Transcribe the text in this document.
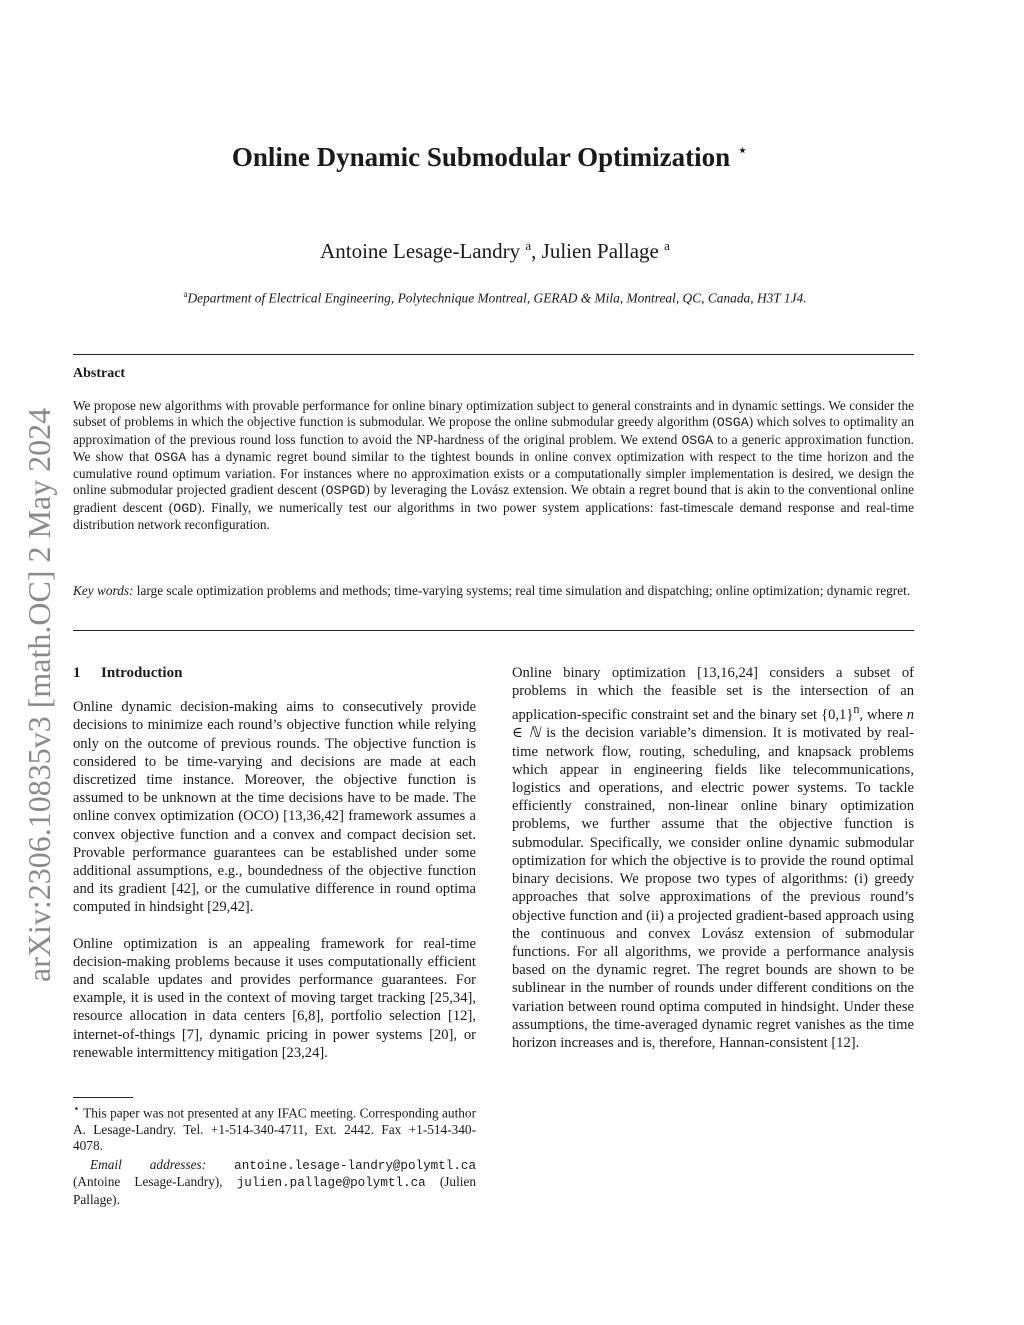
arXiv:2306.10835v3 [math.OC] 2 May 2024
Online Dynamic Submodular Optimization ⋆
Antoine Lesage-Landry $^a$, Julien Pallage $^a$
$^a$Department of Electrical Engineering, Polytechnique Montreal, GERAD & Mila, Montreal, QC, Canada, H3T 1J4.
Abstract
We propose new algorithms with provable performance for online binary optimization subject to general constraints and in dynamic settings. We consider the subset of problems in which the objective function is submodular. We propose the online submodular greedy algorithm (OSGA) which solves to optimality an approximation of the previous round loss function to avoid the NP-hardness of the original problem. We extend OSGA to a generic approximation function. We show that OSGA has a dynamic regret bound similar to the tightest bounds in online convex optimization with respect to the time horizon and the cumulative round optimum variation. For instances where no approximation exists or a computationally simpler implementation is desired, we design the online submodular projected gradient descent (OSPGD) by leveraging the Lovász extension. We obtain a regret bound that is akin to the conventional online gradient descent (OGD). Finally, we numerically test our algorithms in two power system applications: fast-timescale demand response and real-time distribution network reconfiguration.
Key words: large scale optimization problems and methods; time-varying systems; real time simulation and dispatching; online optimization; dynamic regret.
1 Introduction

Online dynamic decision-making aims to consecutively provide decisions to minimize each round’s objective function while relying only on the outcome of previous rounds. The objective function is considered to be time-varying and decisions are made at each discretized time instance. Moreover, the objective function is assumed to be unknown at the time decisions have to be made. The online convex optimization (OCO) [13,36,42] framework assumes a convex objective function and a convex and compact decision set. Provable performance guarantees can be established under some additional assumptions, e.g., boundedness of the objective function and its gradient [42], or the cumulative difference in round optima computed in hindsight [29,42].

Online optimization is an appealing framework for real-time decision-making problems because it uses computationally efficient and scalable updates and provides performance guarantees. For example, it is used in the context of moving target tracking [25,34], resource allocation in data centers [6,8], portfolio selection [12], internet-of-things [7], dynamic pricing in power systems [20], or renewable intermittency mitigation [23,24].

Online binary optimization [13,16,24] considers a subset of problems in which the feasible set is the intersection of an application-specific constraint set and the binary set $\{0,1\}^n$, where n ∈ ℕ is the decision variable’s dimension. It is motivated by real-time network flow, routing, scheduling, and knapsack problems which appear in engineering fields like telecommunications, logistics and operations, and electric power systems. To tackle efficiently constrained, non-linear online binary optimization problems, we further assume that the objective function is submodular. Specifically, we consider online dynamic submodular optimization for which the objective is to provide the round optimal binary decisions. We propose two types of algorithms: (i) greedy approaches that solve approximations of the previous round’s objective function and (ii) a projected gradient-based approach using the continuous and convex Lovász extension of submodular functions. For all algorithms, we provide a performance analysis based on the dynamic regret. The regret bounds are shown to be sublinear in the number of rounds under different conditions on the variation between round optima computed in hindsight. Under these assumptions, the time-averaged dynamic regret vanishes as the time horizon increases and is, therefore, Hannan-consistent [12].

⋆ This paper was not presented at any IFAC meeting. Corresponding author A. Lesage-Landry. Tel. +1-514-340-4711, Ext. 2442. Fax +1-514-340-4078.
Email addresses: antoine.lesage-landry@polymtl.ca (Antoine Lesage-Landry), julien.pallage@polymtl.ca (Julien Pallage).
